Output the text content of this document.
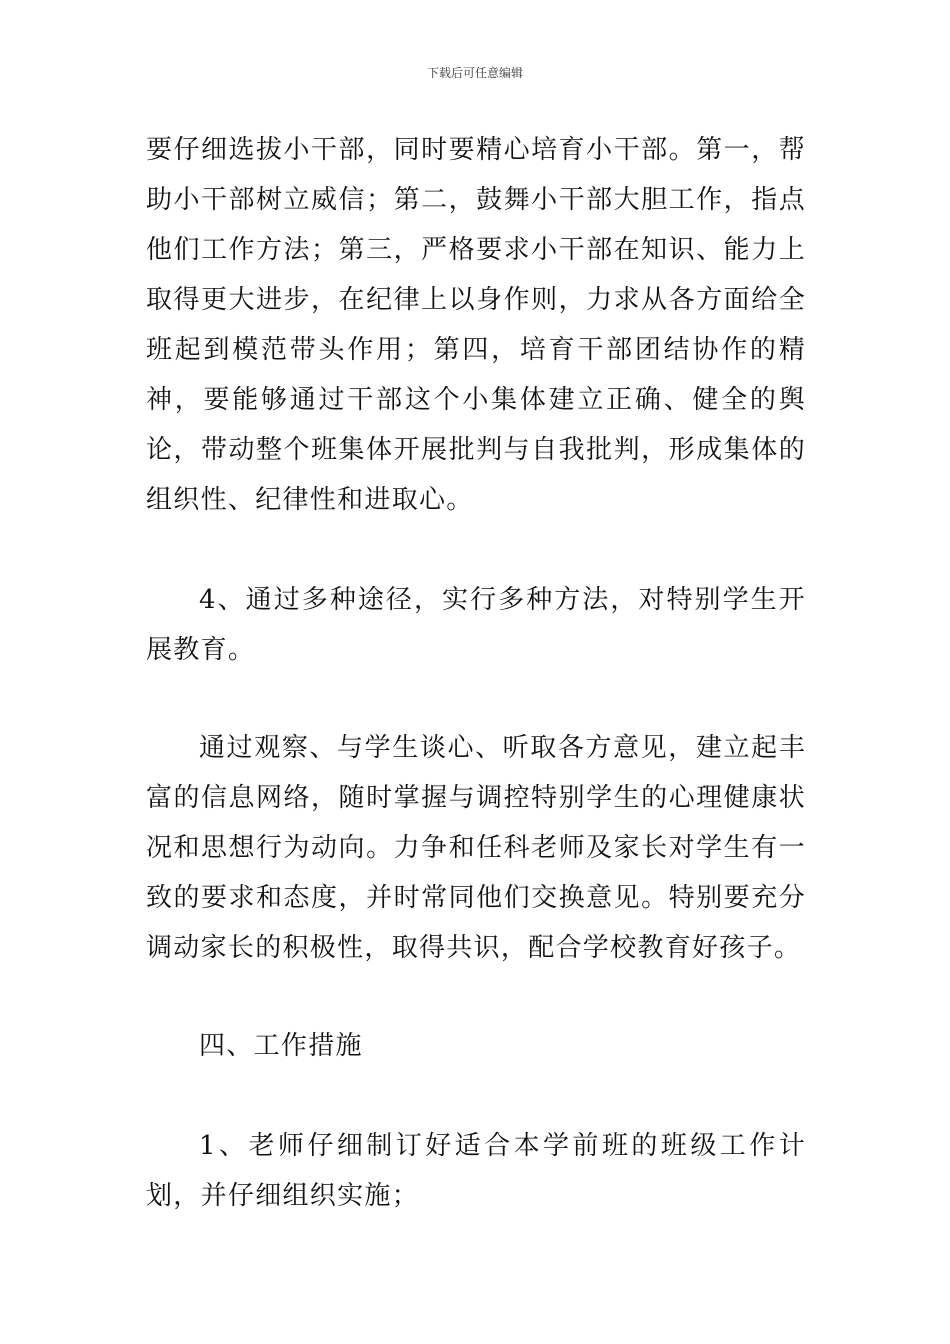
下载后可任意编辑

要仔细选拔小干部，同时要精心培育小干部。第一，帮助小干部树立威信；第二，鼓舞小干部大胆工作，指点他们工作方法；第三，严格要求小干部在知识、能力上取得更大进步，在纪律上以身作则，力求从各方面给全班起到模范带头作用；第四，培育干部团结协作的精神，要能够通过干部这个小集体建立正确、健全的舆论，带动整个班集体开展批判与自我批判，形成集体的组织性、纪律性和进取心。

4、通过多种途径，实行多种方法，对特别学生开展教育。

通过观察、与学生谈心、听取各方意见，建立起丰富的信息网络，随时掌握与调控特别学生的心理健康状况和思想行为动向。力争和任科老师及家长对学生有一致的要求和态度，并时常同他们交换意见。特别要充分调动家长的积极性，取得共识，配合学校教育好孩子。

四、工作措施

1、老师仔细制订好适合本学前班的班级工作计划，并仔细组织实施；
